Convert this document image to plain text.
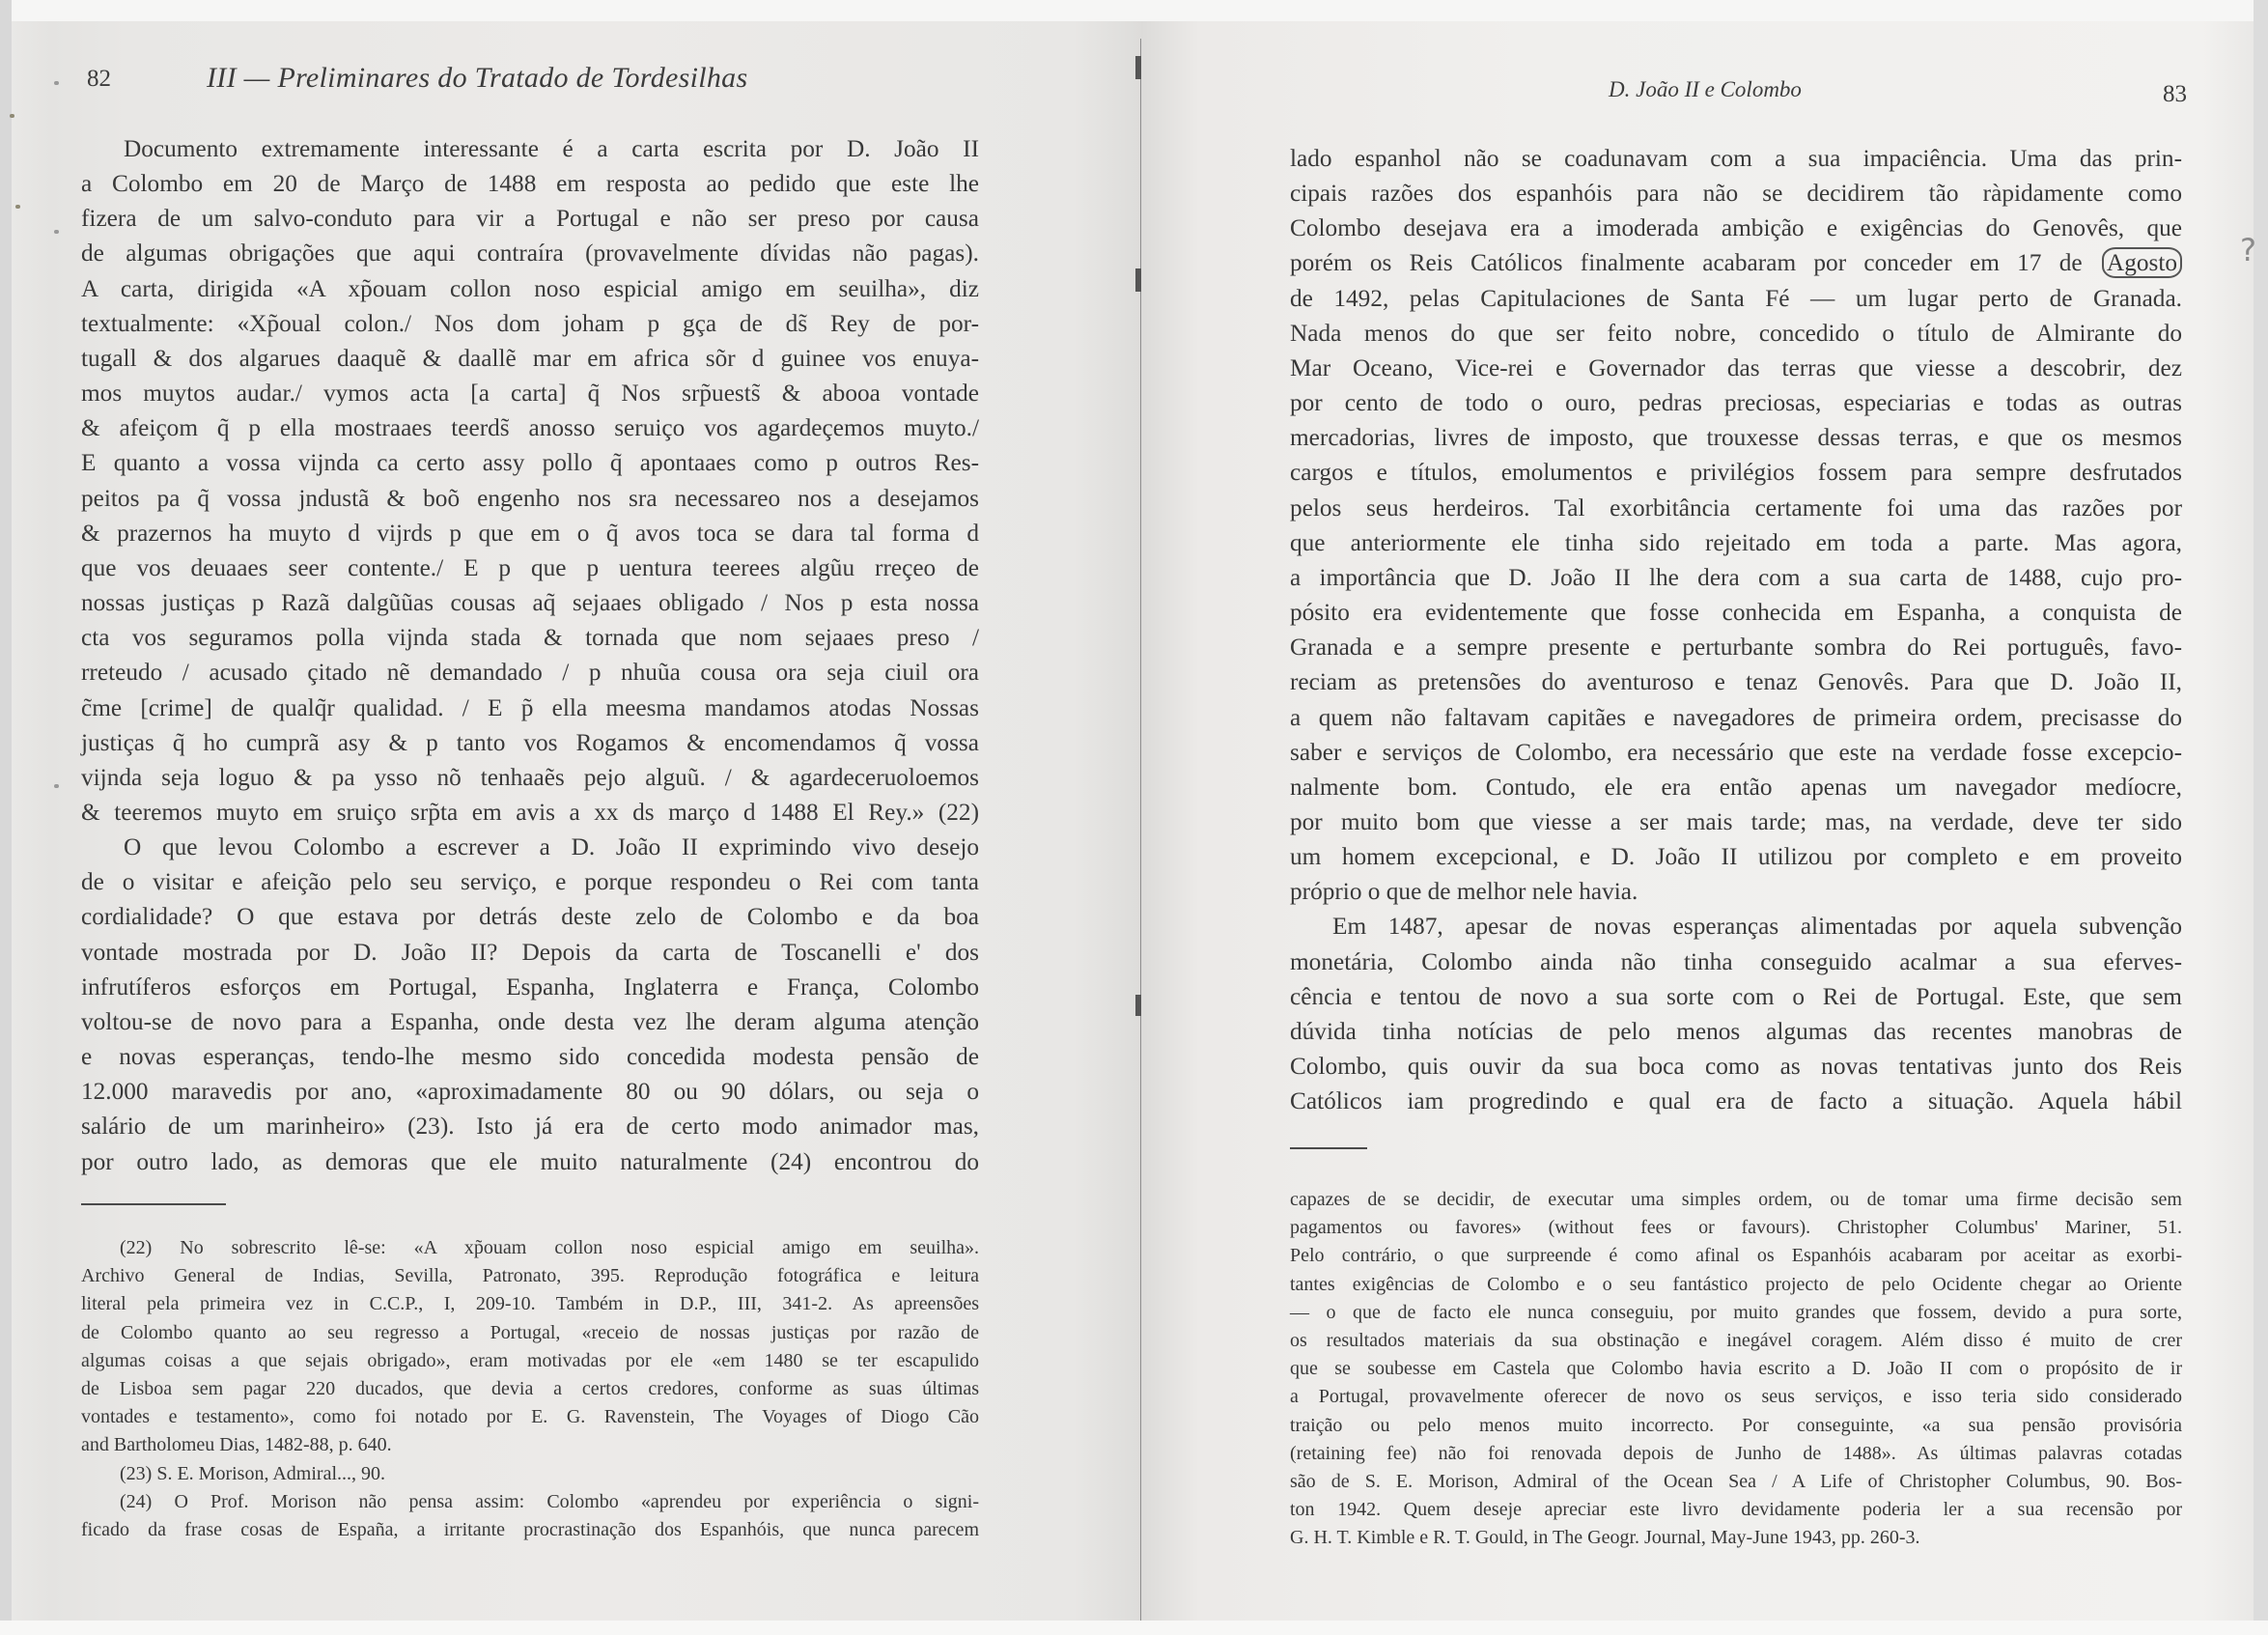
82	III — Preliminares do Tratado de Tordesilhas
Documento extremamente interessante é a carta escrita por D. João II
a Colombo em 20 de Março de 1488 em resposta ao pedido que este lhe
fizera de um salvo-conduto para vir a Portugal e não ser preso por causa
de algumas obrigações que aqui contraíra (provavelmente dívidas não pagas).
A carta, dirigida «A xp̃ouam collon noso espicial amigo em seuilha», diz
textualmente: «Xp̃oual colon./ Nos dom joham p gça de ds̃ Rey de por-
tugall & dos algarues daaquẽ & daallẽ mar em africa sõr d guinee vos enuya-
mos muytos audar./ vymos acta [a carta] q̃ Nos srp̃uests̃ & abooa vontade
& afeiçom q̃ p ella mostraaes teerds̃ anosso seruiço vos agardeçemos muyto./
E quanto a vossa vijnda ca certo assy pollo q̃ apontaaes como p outros Res-
peitos pa q̃ vossa jndustã & boõ engenho nos sra necessareo nos a desejamos
& prazernos ha muyto d vijrds p que em o q̃ avos toca se dara tal forma d
que vos deuaaes seer contente./ E p que p uentura teerees algũu rreçeo de
nossas justiças p Razã dalgũũas cousas aq̃ sejaaes obligado / Nos p esta nossa
cta vos seguramos polla vijnda stada & tornada que nom sejaaes preso /
rreteudo / acusado çitado nẽ demandado / p nhuũa cousa ora seja ciuil ora
c̃me [crime] de qualq̃r qualidad. / E p̃ ella meesma mandamos atodas Nossas
justiças q̃ ho cumprã asy & p tanto vos Rogamos & encomendamos q̃ vossa
vijnda seja loguo & pa ysso nõ tenhaaẽs pejo alguũ. / & agardeceruoloemos
& teeremos muyto em sruiço srp̃ta em avis a xx ds março d 1488 El Rey.» (22)
O que levou Colombo a escrever a D. João II exprimindo vivo desejo
de o visitar e afeição pelo seu serviço, e porque respondeu o Rei com tanta
cordialidade? O que estava por detrás deste zelo de Colombo e da boa
vontade mostrada por D. João II? Depois da carta de Toscanelli e' dos
infrutíferos esforços em Portugal, Espanha, Inglaterra e França, Colombo
voltou-se de novo para a Espanha, onde desta vez lhe deram alguma atenção
e novas esperanças, tendo-lhe mesmo sido concedida modesta pensão de
12.000 maravedis por ano, «aproximadamente 80 ou 90 dólars, ou seja o
salário de um marinheiro» (23). Isto já era de certo modo animador mas,
por outro lado, as demoras que ele muito naturalmente (24) encontrou do
(22) No sobrescrito lê-se: «A xp̃ouam collon noso espicial amigo em seuilha».
Archivo General de Indias, Sevilla, Patronato, 395. Reprodução fotográfica e leitura
literal pela primeira vez in C.C.P., I, 209-10. Também in D.P., III, 341-2. As apreensões
de Colombo quanto ao seu regresso a Portugal, «receio de nossas justiças por razão de
algumas coisas a que sejais obrigado», eram motivadas por ele «em 1480 se ter escapulido
de Lisboa sem pagar 220 ducados, que devia a certos credores, conforme as suas últimas
vontades e testamento», como foi notado por E. G. Ravenstein, The Voyages of Diogo Cão
and Bartholomeu Dias, 1482-88, p. 640.
(23) S. E. Morison, Admiral..., 90.
(24) O Prof. Morison não pensa assim: Colombo «aprendeu por experiência o signi-
ficado da frase cosas de España, a irritante procrastinação dos Espanhóis, que nunca parecem
D. João II e Colombo	83
lado espanhol não se coadunavam com a sua impaciência. Uma das prin-
cipais razões dos espanhóis para não se decidirem tão ràpidamente como
Colombo desejava era a imoderada ambição e exigências do Genovês, que
porém os Reis Católicos finalmente acabaram por conceder em 17 de Agosto
de 1492, pelas Capitulaciones de Santa Fé — um lugar perto de Granada.
Nada menos do que ser feito nobre, concedido o título de Almirante do
Mar Oceano, Vice-rei e Governador das terras que viesse a descobrir, dez
por cento de todo o ouro, pedras preciosas, especiarias e todas as outras
mercadorias, livres de imposto, que trouxesse dessas terras, e que os mesmos
cargos e títulos, emolumentos e privilégios fossem para sempre desfrutados
pelos seus herdeiros. Tal exorbitância certamente foi uma das razões por
que anteriormente ele tinha sido rejeitado em toda a parte. Mas agora,
a importância que D. João II lhe dera com a sua carta de 1488, cujo pro-
pósito era evidentemente que fosse conhecida em Espanha, a conquista de
Granada e a sempre presente e perturbante sombra do Rei português, favo-
reciam as pretensões do aventuroso e tenaz Genovês. Para que D. João II,
a quem não faltavam capitães e navegadores de primeira ordem, precisasse do
saber e serviços de Colombo, era necessário que este na verdade fosse excepcio-
nalmente bom. Contudo, ele era então apenas um navegador medíocre,
por muito bom que viesse a ser mais tarde; mas, na verdade, deve ter sido
um homem excepcional, e D. João II utilizou por completo e em proveito
próprio o que de melhor nele havia.
Em 1487, apesar de novas esperanças alimentadas por aquela subvenção
monetária, Colombo ainda não tinha conseguido acalmar a sua eferves-
cência e tentou de novo a sua sorte com o Rei de Portugal. Este, que sem
dúvida tinha notícias de pelo menos algumas das recentes manobras de
Colombo, quis ouvir da sua boca como as novas tentativas junto dos Reis
Católicos iam progredindo e qual era de facto a situação. Aquela hábil
capazes de se decidir, de executar uma simples ordem, ou de tomar uma firme decisão sem
pagamentos ou favores» (without fees or favours). Christopher Columbus' Mariner, 51.
Pelo contrário, o que surpreende é como afinal os Espanhóis acabaram por aceitar as exorbi-
tantes exigências de Colombo e o seu fantástico projecto de pelo Ocidente chegar ao Oriente
— o que de facto ele nunca conseguiu, por muito grandes que fossem, devido a pura sorte,
os resultados materiais da sua obstinação e inegável coragem. Além disso é muito de crer
que se soubesse em Castela que Colombo havia escrito a D. João II com o propósito de ir
a Portugal, provavelmente oferecer de novo os seus serviços, e isso teria sido considerado
traição ou pelo menos muito incorrecto. Por conseguinte, «a sua pensão provisória
(retaining fee) não foi renovada depois de Junho de 1488». As últimas palavras cotadas
são de S. E. Morison, Admiral of the Ocean Sea / A Life of Christopher Columbus, 90. Bos-
ton 1942. Quem deseje apreciar este livro devidamente poderia ler a sua recensão por
G. H. T. Kimble e R. T. Gould, in The Geogr. Journal, May-June 1943, pp. 260-3.
?
